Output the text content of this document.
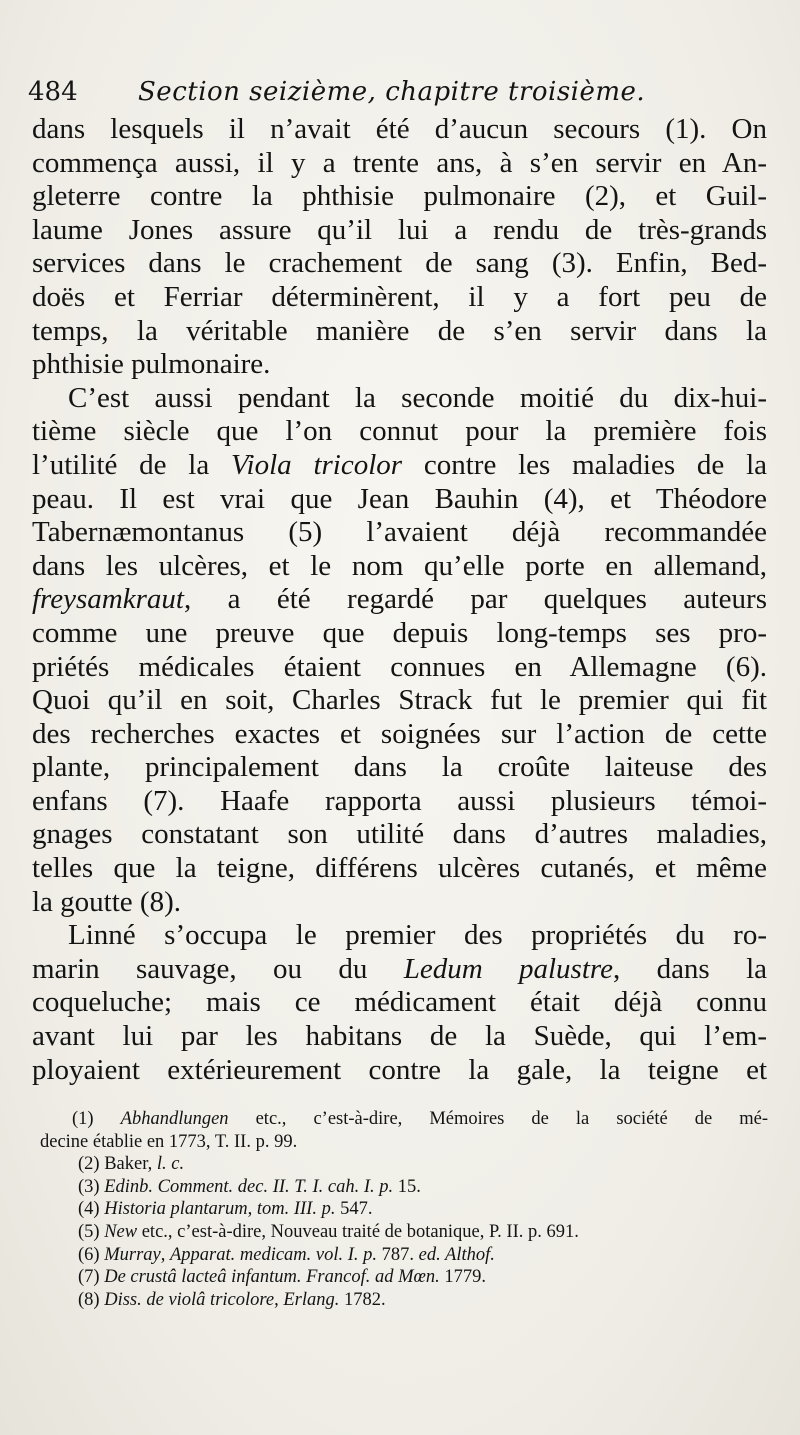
484 Section seizième, chapitre troisième.
dans lesquels il n’avait été d’aucun secours (1). On
commença aussi, il y a trente ans, à s’en servir en An-
gleterre contre la phthisie pulmonaire (2), et Guil-
laume Jones assure qu’il lui a rendu de très-grands
services dans le crachement de sang (3). Enfin, Bed-
doës et Ferriar déterminèrent, il y a fort peu de
temps, la véritable manière de s’en servir dans la
phthisie pulmonaire.
C’est aussi pendant la seconde moitié du dix-hui-
tième siècle que l’on connut pour la première fois
l’utilité de la Viola tricolor contre les maladies de la
peau. Il est vrai que Jean Bauhin (4), et Théodore
Tabernæmontanus (5) l’avaient déjà recommandée
dans les ulcères, et le nom qu’elle porte en allemand,
freysamkraut, a été regardé par quelques auteurs
comme une preuve que depuis long-temps ses pro-
priétés médicales étaient connues en Allemagne (6).
Quoi qu’il en soit, Charles Strack fut le premier qui fit
des recherches exactes et soignées sur l’action de cette
plante, principalement dans la croûte laiteuse des
enfans (7). Haafe rapporta aussi plusieurs témoi-
gnages constatant son utilité dans d’autres maladies,
telles que la teigne, différens ulcères cutanés, et même
la goutte (8).
Linné s’occupa le premier des propriétés du ro-
marin sauvage, ou du Ledum palustre, dans la
coqueluche; mais ce médicament était déjà connu
avant lui par les habitans de la Suède, qui l’em-
ployaient extérieurement contre la gale, la teigne et
(1) Abhandlungen etc., c’est-à-dire, Mémoires de la société de mé-
decine établie en 1773, T. II. p. 99.
(2) Baker, l. c.
(3) Edinb. Comment. dec. II. T. I. cah. I. p. 15.
(4) Historia plantarum, tom. III. p. 547.
(5) New etc., c’est-à-dire, Nouveau traité de botanique, P. II. p. 691.
(6) Murray, Apparat. medicam. vol. I. p. 787. ed. Althof.
(7) De crustâ lacteâ infantum. Francof. ad Mœn. 1779.
(8) Diss. de violâ tricolore, Erlang. 1782.
